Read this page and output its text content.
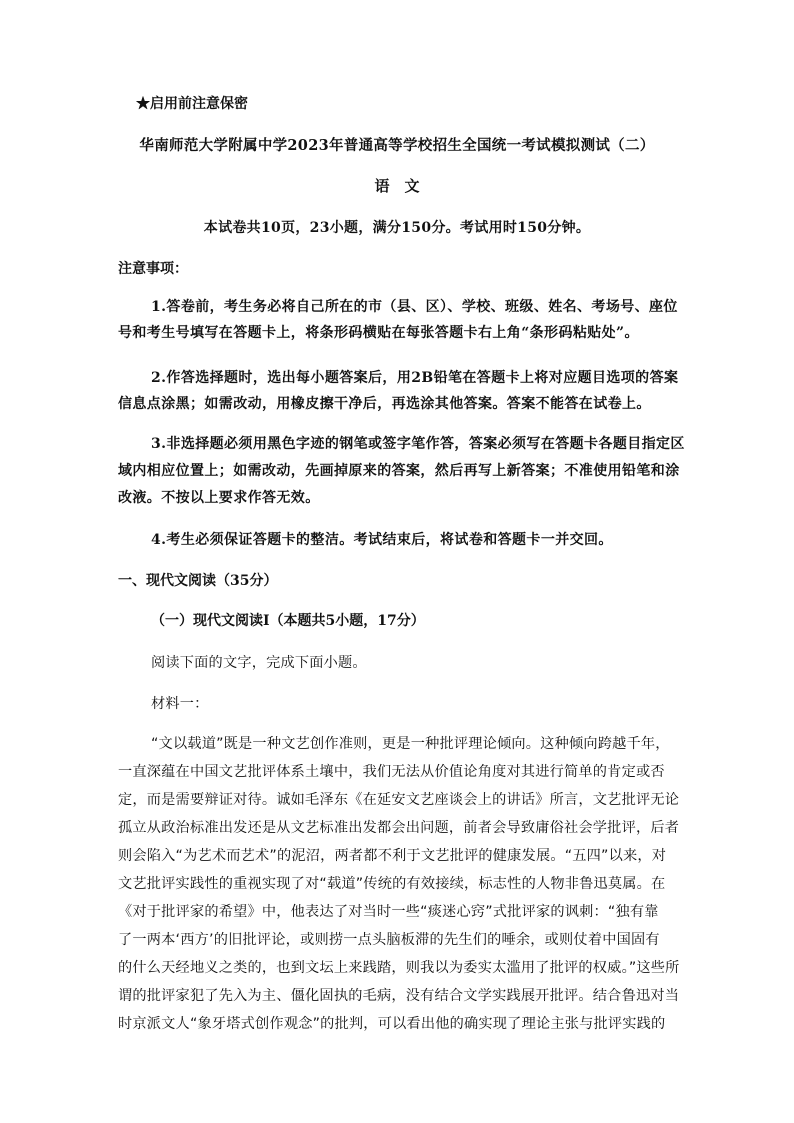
★启用前注意保密
华南师范大学附属中学2023年普通高等学校招生全国统一考试模拟测试（二）
语　文
本试卷共10页，23小题，满分150分。考试用时150分钟。
注意事项：
1.答卷前，考生务必将自己所在的市（县、区）、学校、班级、姓名、考场号、座位
号和考生号填写在答题卡上，将条形码横贴在每张答题卡右上角“条形码粘贴处”。
2.作答选择题时，选出每小题答案后，用2B铅笔在答题卡上将对应题目选项的答案
信息点涂黑；如需改动，用橡皮擦干净后，再选涂其他答案。答案不能答在试卷上。
3.非选择题必须用黑色字迹的钢笔或签字笔作答，答案必须写在答题卡各题目指定区
域内相应位置上；如需改动，先画掉原来的答案，然后再写上新答案；不准使用铅笔和涂
改液。不按以上要求作答无效。
4.考生必须保证答题卡的整洁。考试结束后，将试卷和答题卡一并交回。
一、现代文阅读（35分）
（一）现代文阅读Ⅰ（本题共5小题，17分）
阅读下面的文字，完成下面小题。
材料一：
“文以载道”既是一种文艺创作准则，更是一种批评理论倾向。这种倾向跨越千年，
一直深蕴在中国文艺批评体系土壤中，我们无法从价值论角度对其进行简单的肯定或否
定，而是需要辩证对待。诚如毛泽东《在延安文艺座谈会上的讲话》所言，文艺批评无论
孤立从政治标准出发还是从文艺标准出发都会出问题，前者会导致庸俗社会学批评，后者
则会陷入“为艺术而艺术”的泥沼，两者都不利于文艺批评的健康发展。“五四”以来，对
文艺批评实践性的重视实现了对“载道”传统的有效接续，标志性的人物非鲁迅莫属。在
《对于批评家的希望》中，他表达了对当时一些“痰迷心窍”式批评家的讽刺：“独有靠
了一两本‘西方’的旧批评论，或则捞一点头脑板滞的先生们的唾余，或则仗着中国固有
的什么天经地义之类的，也到文坛上来践踏，则我以为委实太滥用了批评的权威。”这些所
谓的批评家犯了先入为主、僵化固执的毛病，没有结合文学实践展开批评。结合鲁迅对当
时京派文人“象牙塔式创作观念”的批判，可以看出他的确实现了理论主张与批评实践的
